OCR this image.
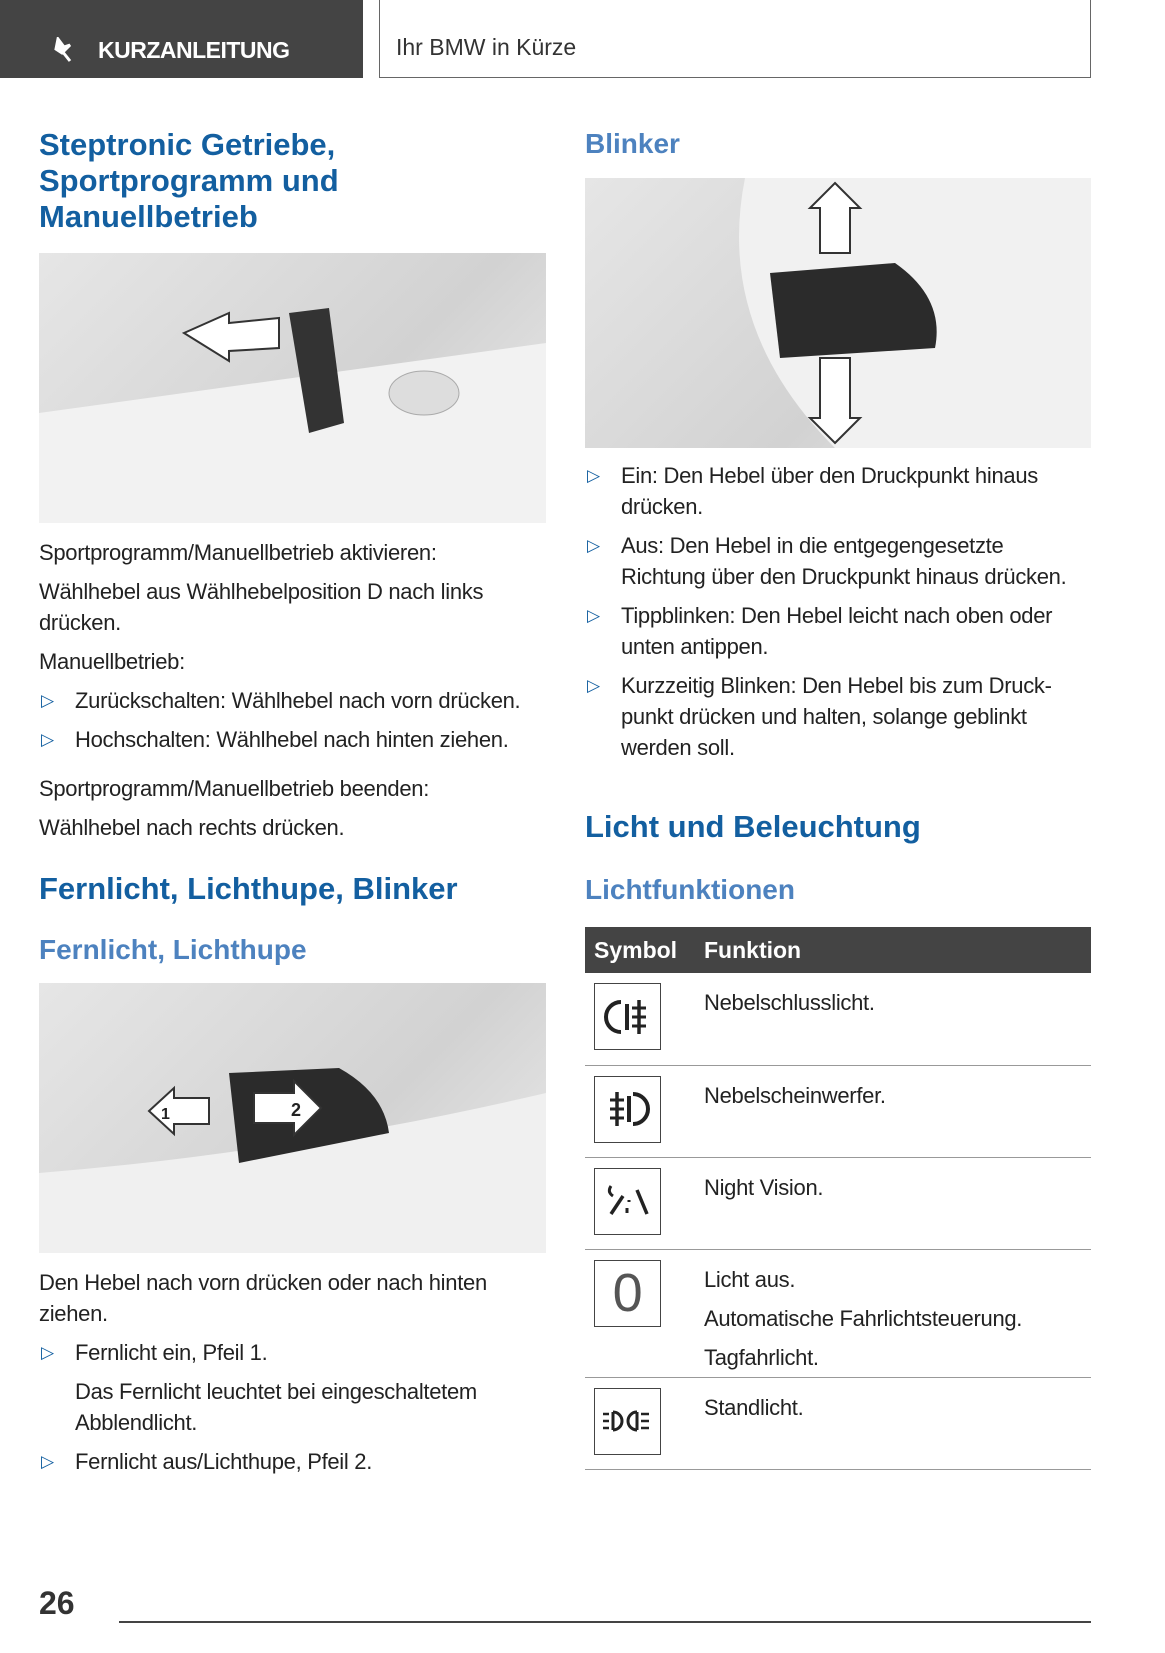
KURZANLEITUNG	Ihr BMW in Kürze
Steptronic Getriebe, Sportprogramm und Manuellbetrieb

Sportprogramm/Manuellbetrieb aktivieren:

Wählhebel aus Wählhebelposition D nach links drücken.

Manuellbetrieb:

▷ Zurückschalten: Wählhebel nach vorn drücken.
▷ Hochschalten: Wählhebel nach hinten ziehen.

Sportprogramm/Manuellbetrieb beenden:

Wählhebel nach rechts drücken.

Fernlicht, Lichthupe, Blinker
Fernlicht, Lichthupe
1	2

Den Hebel nach vorn drücken oder nach hinten ziehen.

▷ Fernlicht ein, Pfeil 1.
Das Fernlicht leuchtet bei eingeschaltetem Abblendlicht.
▷ Fernlicht aus/Lichthupe, Pfeil 2.
Blinker
▷ Ein: Den Hebel über den Druckpunkt hinaus drücken.
▷ Aus: Den Hebel in die entgegengesetzte Richtung über den Druckpunkt hinaus drücken.
▷ Tippblinken: Den Hebel leicht nach oben oder unten antippen.
▷ Kurzzeitig Blinken: Den Hebel bis zum Druckpunkt drücken und halten, solange geblinkt werden soll.
Licht und Beleuchtung
Lichtfunktionen
Symbol	Funktion

Nebelschlusslicht.

Nebelscheinwerfer.

Night Vision.

0	Licht aus.
Automatische Fahrlichtsteuerung.
Tagfahrlicht.

Standlicht.
26
